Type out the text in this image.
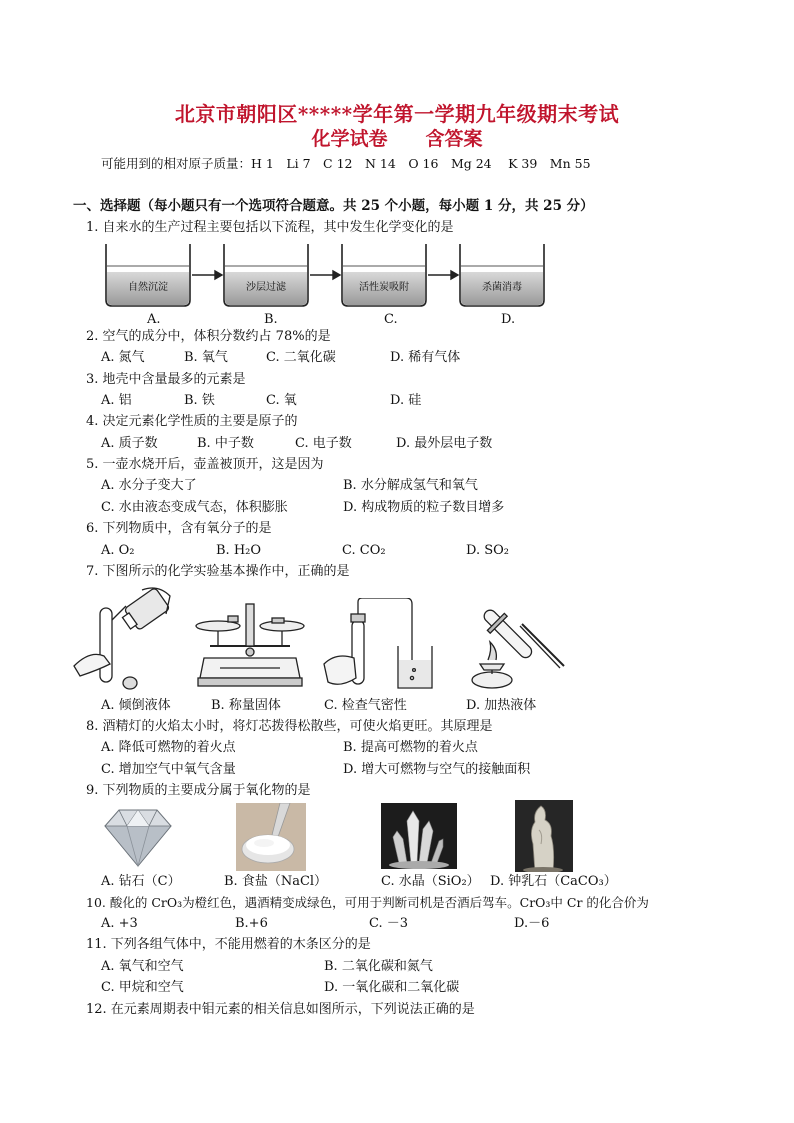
北京市朝阳区*****学年第一学期九年级期末考试
化学试卷 含答案
可能用到的相对原子质量：H 1　Li 7　C 12　N 14　O 16　Mg 24　 K 39　Mn 55
一、选择题（每小题只有一个选项符合题意。共 25 个小题，每小题 1 分，共 25 分）
1. 自来水的生产过程主要包括以下流程，其中发生化学变化的是
自然沉淀	沙层过滤	活性炭吸附	杀菌消毒
A.	B.	C.	D.
2. 空气的成分中，体积分数约占 78%的是
A. 氮气	B. 氧气	C. 二氧化碳	D. 稀有气体
3. 地壳中含量最多的元素是
A. 铝	B. 铁	C. 氧	D. 硅
4. 决定元素化学性质的主要是原子的
A. 质子数	B. 中子数	C. 电子数	D. 最外层电子数
5. 一壶水烧开后，壶盖被顶开，这是因为
A. 水分子变大了	B. 水分解成氢气和氧气
C. 水由液态变成气态，体积膨胀	D. 构成物质的粒子数目增多
6. 下列物质中，含有氧分子的是
A. O₂	B. H₂O	C. CO₂	D. SO₂
7. 下图所示的化学实验基本操作中，正确的是
A. 倾倒液体	B. 称量固体	C. 检查气密性	D. 加热液体
8. 酒精灯的火焰太小时，将灯芯拨得松散些，可使火焰更旺。其原理是
A. 降低可燃物的着火点	B. 提高可燃物的着火点
C. 增加空气中氧气含量	D. 增大可燃物与空气的接触面积
9. 下列物质的主要成分属于氧化物的是
A. 钻石（C）	B. 食盐（NaCl）	C. 水晶（SiO₂） D. 钟乳石（CaCO₃）
10. 酸化的 CrO₃为橙红色，遇酒精变成绿色，可用于判断司机是否酒后驾车。CrO₃中 Cr 的化合价为
A. +3	B.+6	C. －3	D.－6
11. 下列各组气体中，不能用燃着的木条区分的是
A. 氧气和空气	B. 二氧化碳和氮气
C. 甲烷和空气	D. 一氧化碳和二氧化碳
12. 在元素周期表中钼元素的相关信息如图所示，下列说法正确的是
